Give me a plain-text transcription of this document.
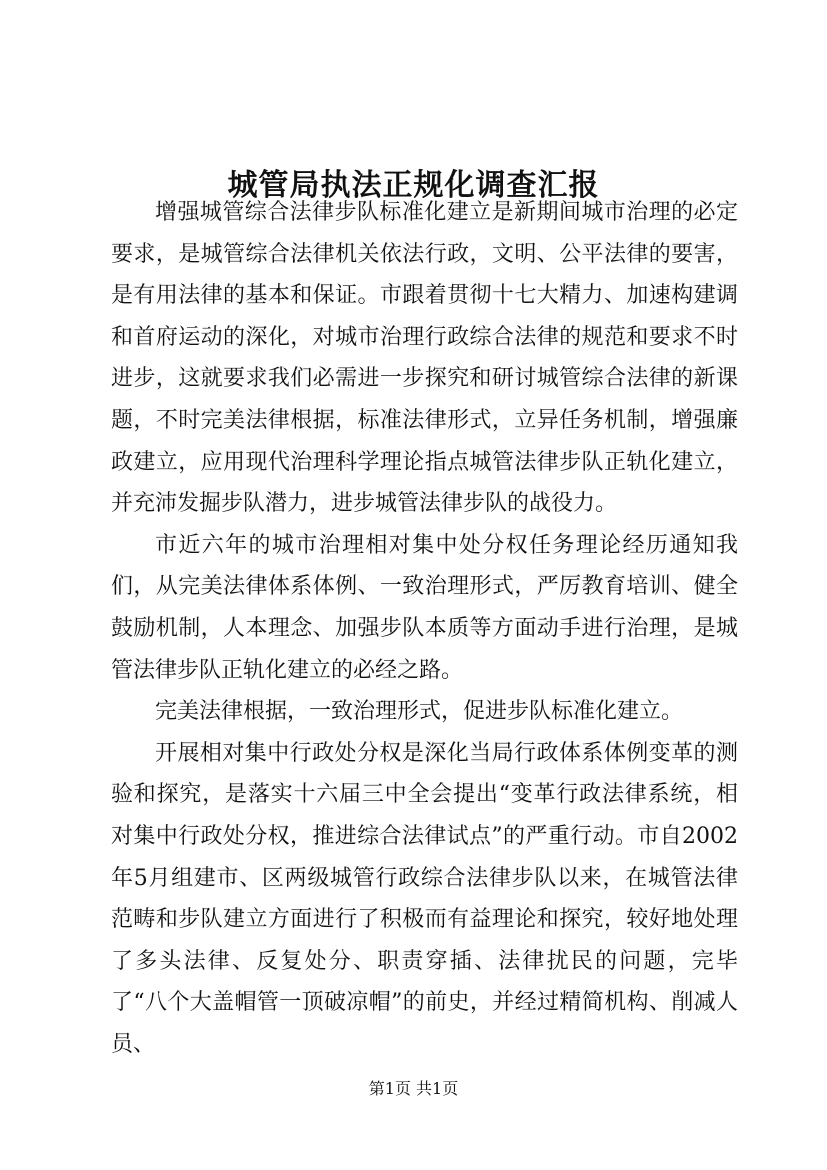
城管局执法正规化调查汇报

增强城管综合法律步队标准化建立是新期间城市治理的必定要求，是城管综合法律机关依法行政，文明、公平法律的要害，是有用法律的基本和保证。市跟着贯彻十七大精力、加速构建调和首府运动的深化，对城市治理行政综合法律的规范和要求不时进步，这就要求我们必需进一步探究和研讨城管综合法律的新课题，不时完美法律根据，标准法律形式，立异任务机制，增强廉政建立，应用现代治理科学理论指点城管法律步队正轨化建立，并充沛发掘步队潜力，进步城管法律步队的战役力。

市近六年的城市治理相对集中处分权任务理论经历通知我们，从完美法律体系体例、一致治理形式，严厉教育培训、健全鼓励机制，人本理念、加强步队本质等方面动手进行治理，是城管法律步队正轨化建立的必经之路。

完美法律根据，一致治理形式，促进步队标准化建立。

开展相对集中行政处分权是深化当局行政体系体例变革的测验和探究，是落实十六届三中全会提出“变革行政法律系统，相对集中行政处分权，推进综合法律试点”的严重行动。市自2002年5月组建市、区两级城管行政综合法律步队以来，在城管法律范畴和步队建立方面进行了积极而有益理论和探究，较好地处理了多头法律、反复处分、职责穿插、法律扰民的问题，完毕了“八个大盖帽管一顶破凉帽”的前史，并经过精简机构、削减人员、

第1页 共1页
